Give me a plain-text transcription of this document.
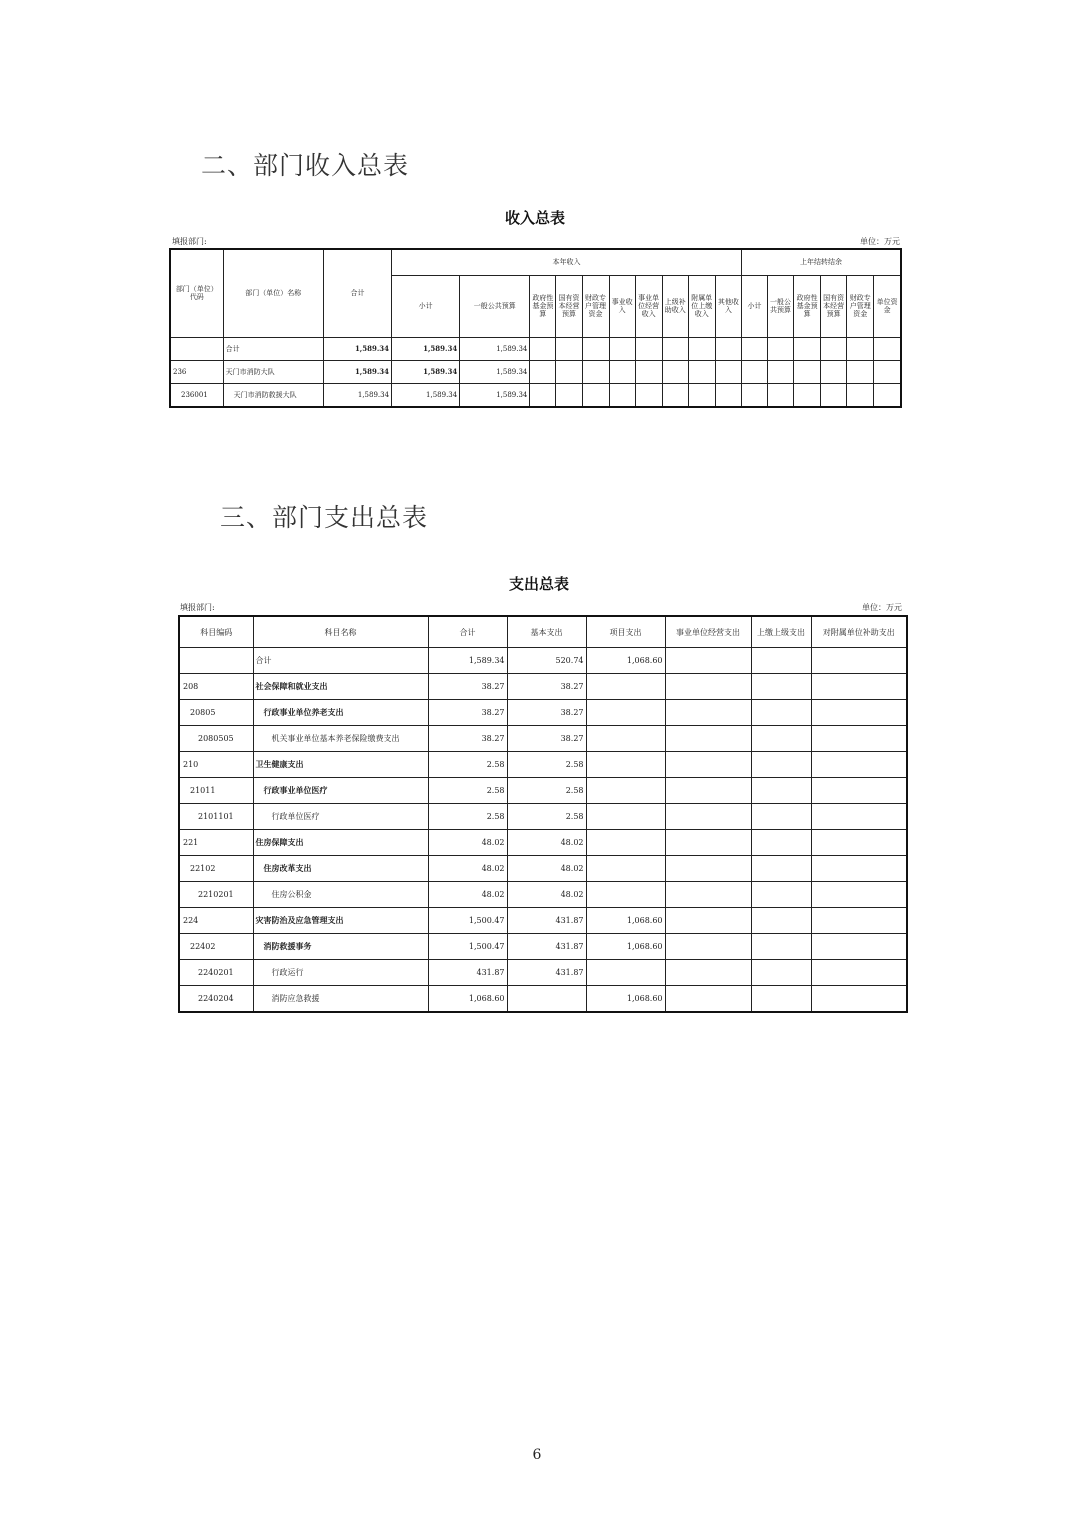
二、部门收入总表
收入总表
填报部门:	单位：万元
部门（单位）代码	部门（单位）名称	合计	本年收入										上年结转结余					
			小计	一般公共预算	政府性基金预算	国有资本经营预算	财政专户管理资金	事业收入	事业单位经营收入	上级补助收入	附属单位上缴收入	其他收入	小计	一般公共预算	政府性基金预算	国有资本经营预算	财政专户管理资金	单位资金
	合计	1,589.34	1,589.34	1,589.34														
236	天门市消防大队	1,589.34	1,589.34	1,589.34														
236001	天门市消防救援大队	1,589.34	1,589.34	1,589.34														
三、部门支出总表
支出总表
填报部门:	单位：万元
科目编码	科目名称	合计	基本支出	项目支出	事业单位经营支出	上缴上级支出	对附属单位补助支出
	合计	1,589.34	520.74	1,068.60			
208	社会保障和就业支出	38.27	38.27				
20805	行政事业单位养老支出	38.27	38.27				
2080505	机关事业单位基本养老保险缴费支出	38.27	38.27				
210	卫生健康支出	2.58	2.58				
21011	行政事业单位医疗	2.58	2.58				
2101101	行政单位医疗	2.58	2.58				
221	住房保障支出	48.02	48.02				
22102	住房改革支出	48.02	48.02				
2210201	住房公积金	48.02	48.02				
224	灾害防治及应急管理支出	1,500.47	431.87	1,068.60			
22402	消防救援事务	1,500.47	431.87	1,068.60			
2240201	行政运行	431.87	431.87				
2240204	消防应急救援	1,068.60		1,068.60			
6
